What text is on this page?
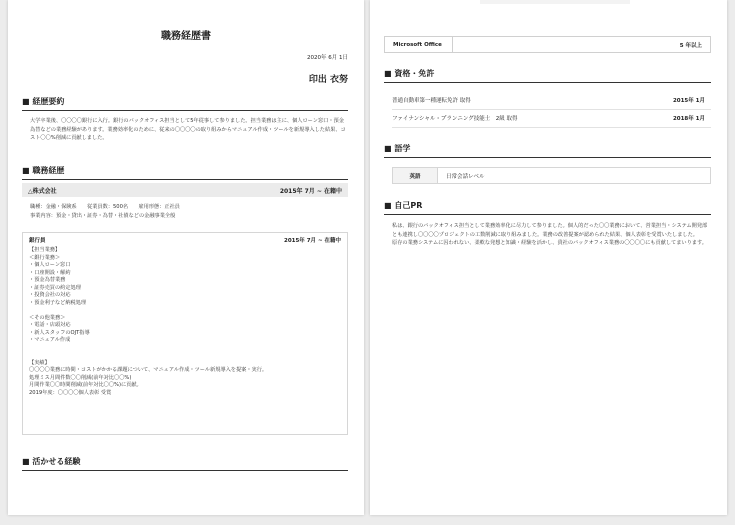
職務経歴書
2020年 6月 1日
印出 衣努
■ 経歴要約
大学卒業後、〇〇〇〇銀行に入行。銀行のバックオフィス担当として5年従事して参りました。担当業務は主に、個人ローン窓口・預金為替などの業務経験があります。業務効率化のために、従来の〇〇〇〇の取り組みからマニュアル作成・ツールを新規導入した結果、コスト〇〇%削減に貢献しました。
■ 職務経歴
△株式会社	2015年 7月 ~ 在籍中
職種：金融・保険系　　従業員数：500名　　雇用形態：正社員
事業内容：預金・貸出・証券・為替・社債などの金融事業全般
銀行員	2015年 7月 ~ 在籍中
【担当業務】
＜銀行業務＞
・個人ローン窓口
・口座開設・解約
・預金為替業務
・証券売買の約定処理
・投資会社の対応
・預金利子など納税処理

＜その他業務＞
・電話・店頭対応
・新人スタッフのOJT指導
・マニュアル作成

【実績】
〇〇〇〇業務に時間・コストがかかる課題について、マニュアル作成・ツール新規導入を提案・実行。
処理ミス月間件数〇〇削減(前年対比〇〇%)
月間作業〇〇時間削減(前年対比〇〇%)に貢献。
2019年度：〇〇〇〇個人表彰 受賞
■ 活かせる経験
Microsoft Office	5 年以上
■ 資格・免許
普通自動車第一種運転免許 取得	2015年 1月
ファイナンシャル・プランニング技能士　2級 取得	2018年 1月
■ 語学
英語	日常会話レベル
■ 自己PR
私は、銀行のバックオフィス担当として業務効率化に尽力して参りました。個人的だった〇〇業務において、営業担当・システム開発部とも連携し〇〇〇〇プロジェクトの工数削減に取り組みました。業務の改善提案が認められた結果、個人表彰を受賞いたしました。
原存の業務システムに囚われない、柔軟な発想と知識・経験を活かし、貴社のバックオフィス業務の〇〇〇〇にも貢献してまいります。
